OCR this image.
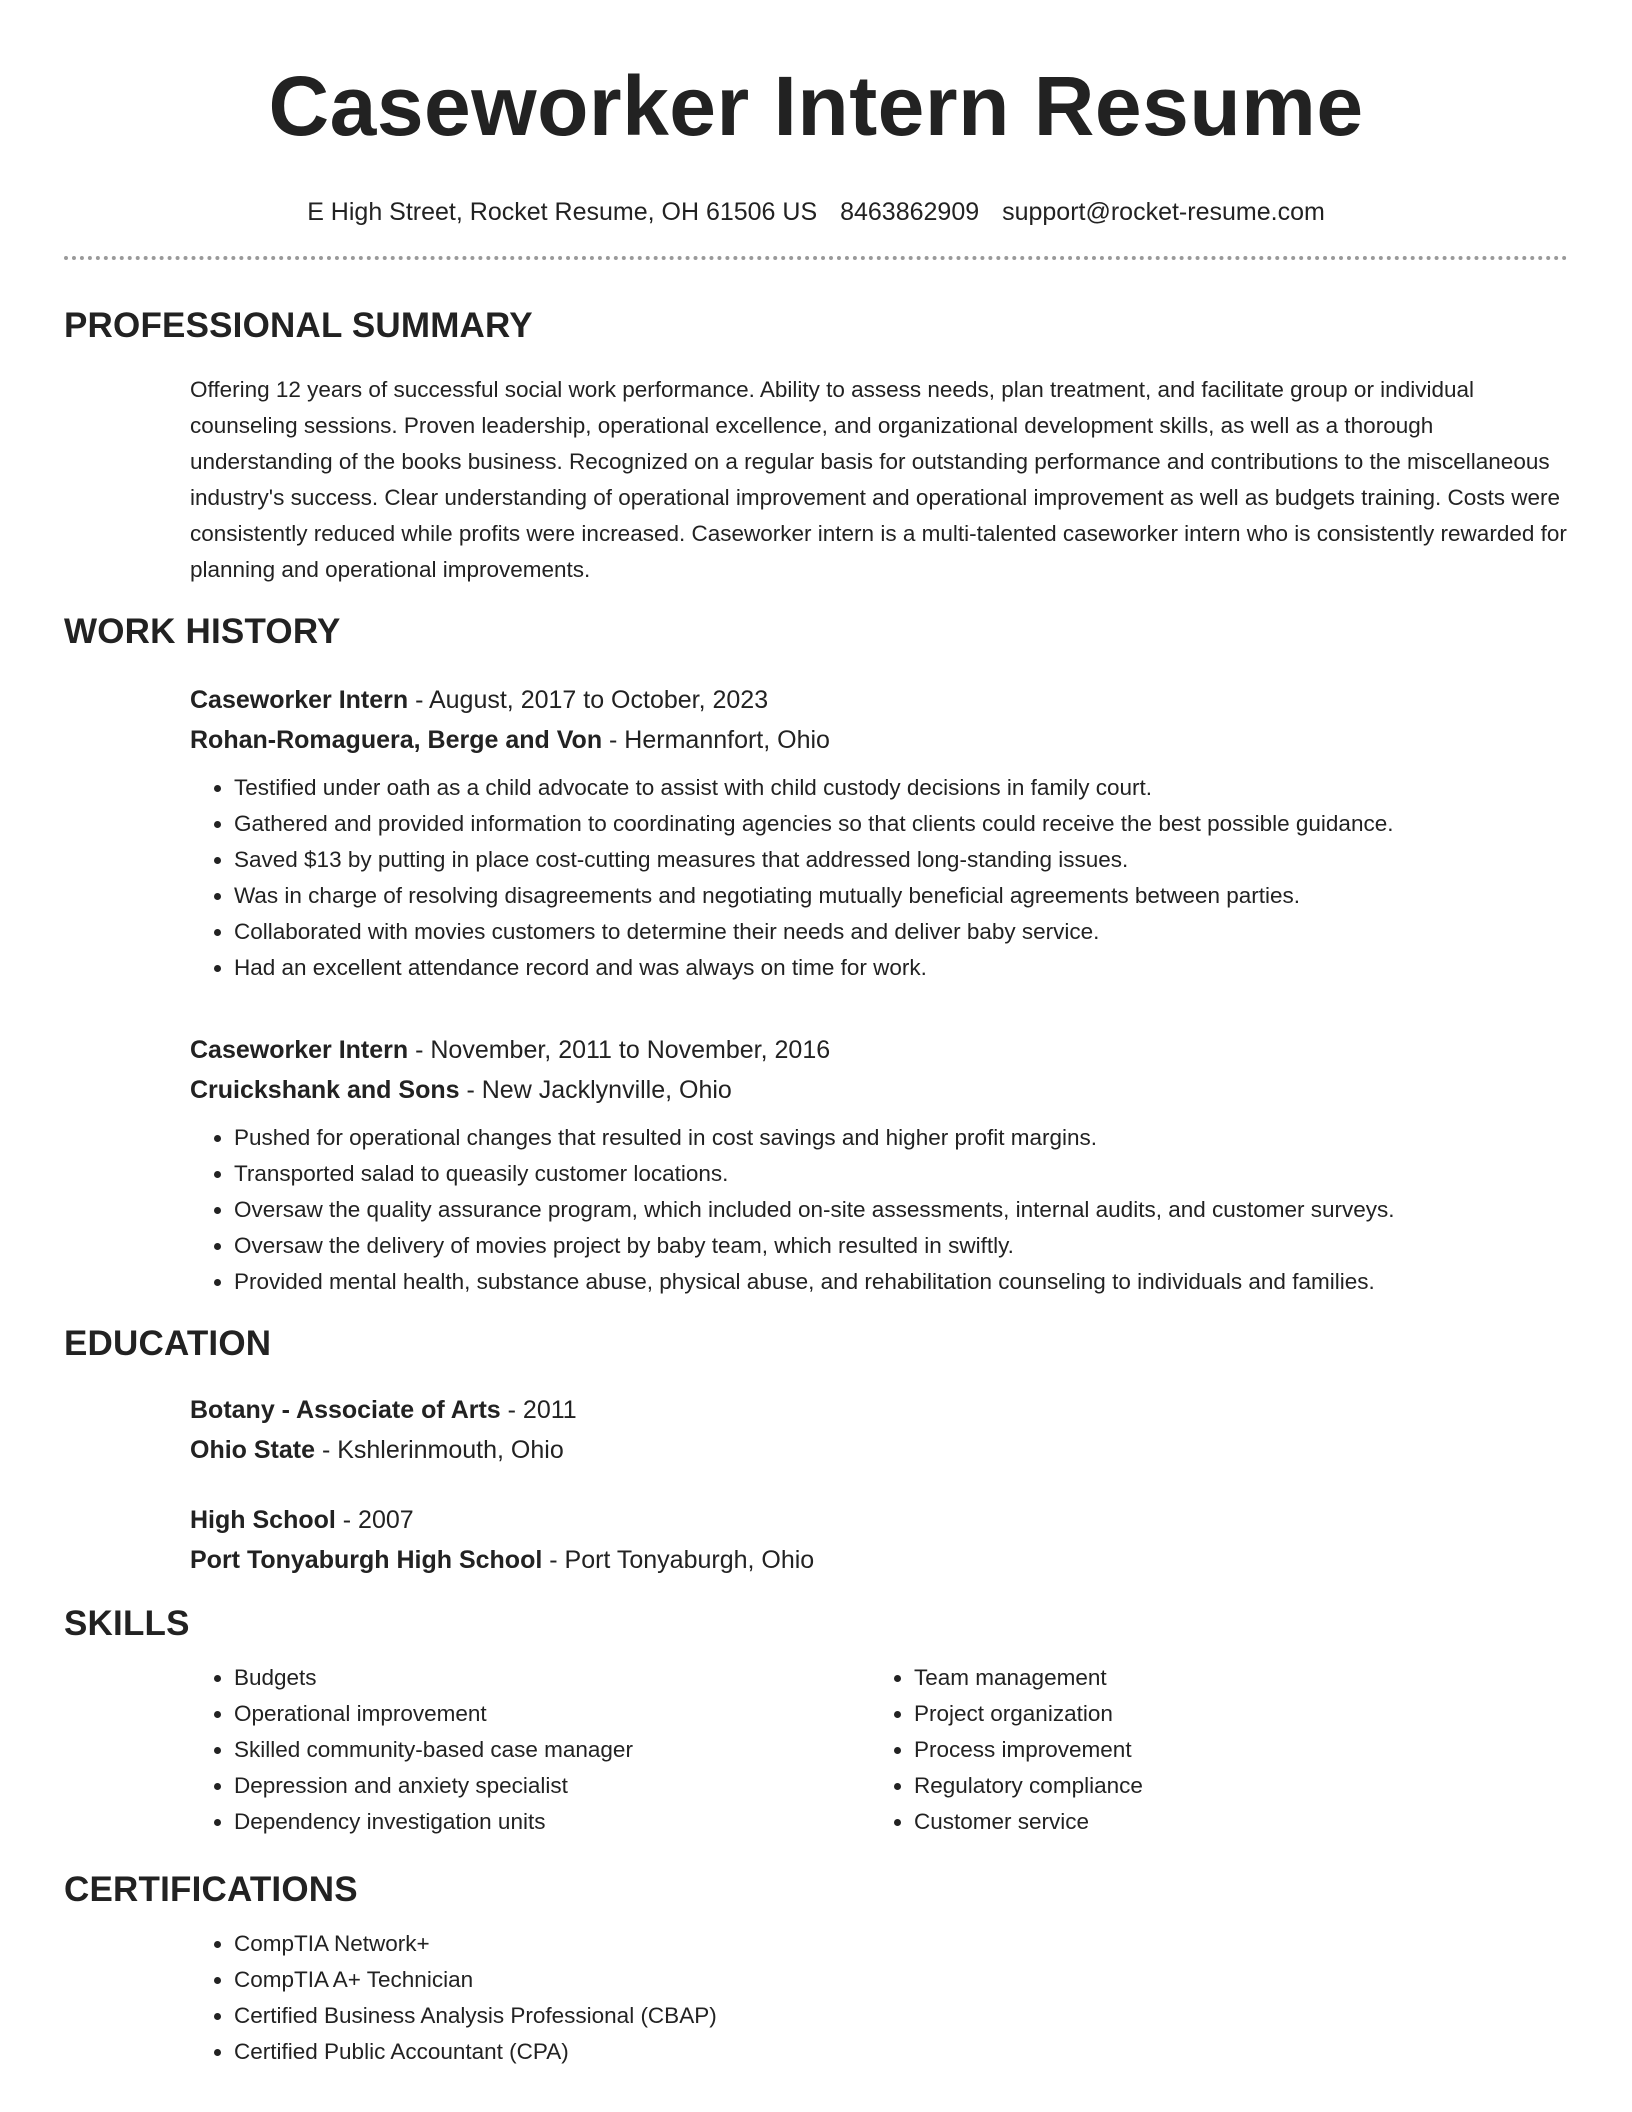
Caseworker Intern Resume
E High Street, Rocket Resume, OH 61506 US 8463862909 support@rocket-resume.com
PROFESSIONAL SUMMARY
Offering 12 years of successful social work performance. Ability to assess needs, plan treatment, and facilitate group or individual counseling sessions. Proven leadership, operational excellence, and organizational development skills, as well as a thorough understanding of the books business. Recognized on a regular basis for outstanding performance and contributions to the miscellaneous industry's success. Clear understanding of operational improvement and operational improvement as well as budgets training. Costs were consistently reduced while profits were increased. Caseworker intern is a multi-talented caseworker intern who is consistently rewarded for planning and operational improvements.
WORK HISTORY
Caseworker Intern - August, 2017 to October, 2023
Rohan-Romaguera, Berge and Von - Hermannfort, Ohio
• Testified under oath as a child advocate to assist with child custody decisions in family court.
• Gathered and provided information to coordinating agencies so that clients could receive the best possible guidance.
• Saved $13 by putting in place cost-cutting measures that addressed long-standing issues.
• Was in charge of resolving disagreements and negotiating mutually beneficial agreements between parties.
• Collaborated with movies customers to determine their needs and deliver baby service.
• Had an excellent attendance record and was always on time for work.
Caseworker Intern - November, 2011 to November, 2016
Cruickshank and Sons - New Jacklynville, Ohio
• Pushed for operational changes that resulted in cost savings and higher profit margins.
• Transported salad to queasily customer locations.
• Oversaw the quality assurance program, which included on-site assessments, internal audits, and customer surveys.
• Oversaw the delivery of movies project by baby team, which resulted in swiftly.
• Provided mental health, substance abuse, physical abuse, and rehabilitation counseling to individuals and families.
EDUCATION
Botany - Associate of Arts - 2011
Ohio State - Kshlerinmouth, Ohio
High School - 2007
Port Tonyaburgh High School - Port Tonyaburgh, Ohio
SKILLS
• Budgets
• Operational improvement
• Skilled community-based case manager
• Depression and anxiety specialist
• Dependency investigation units
• Team management
• Project organization
• Process improvement
• Regulatory compliance
• Customer service
CERTIFICATIONS
• CompTIA Network+
• CompTIA A+ Technician
• Certified Business Analysis Professional (CBAP)
• Certified Public Accountant (CPA)
